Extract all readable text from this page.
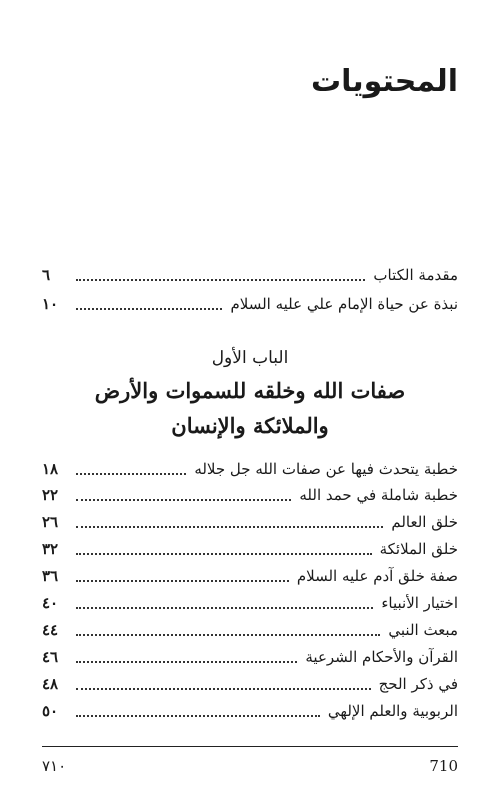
المحتويات
مقدمة الكتاب
٦
نبذة عن حياة الإمام علي عليه السلام
١٠
الباب الأول
صفات الله وخلقه للسموات والأرض
والملائكة والإنسان
خطبة يتحدث فيها عن صفات الله جل جلاله
١٨
خطبة شاملة في حمد الله
٢٢
خلق العالم
٢٦
خلق الملائكة
٣٢
صفة خلق آدم عليه السلام
٣٦
اختيار الأنبياء
٤٠
مبعث النبي
٤٤
القرآن والأحكام الشرعية
٤٦
في ذكر الحج
٤٨
الربوبية والعلم الإلهي
٥٠
٧١٠	710
